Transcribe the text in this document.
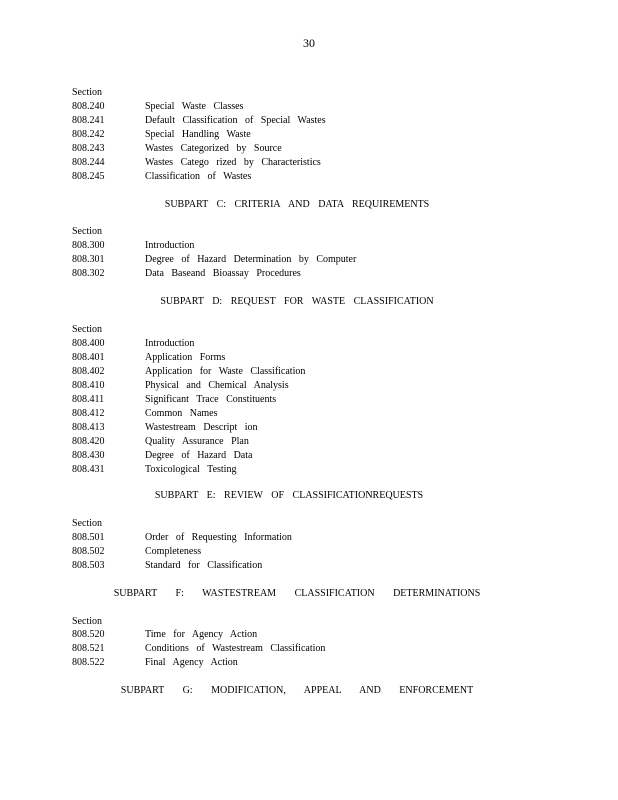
30
Section
808.240	Special Waste Classes
808.241	Default Classification of Special Wastes
808.242	Special Handling Waste
808.243	Wastes Categorized by Source
808.244	Wastes Catego rized by Characteristics
808.245	Classification of Wastes
SUBPART C: CRITERIA AND DATA REQUIREMENTS
Section
808.300	Introduction
808.301	Degree of Hazard Determination by Computer
808.302	Data Baseand Bioassay Procedures
SUBPART D: REQUEST FOR WASTE CLASSIFICATION
Section
808.400	Introduction
808.401	Application Forms
808.402	Application for Waste Classification
808.410	Physical and Chemical Analysis
808.411	Significant Trace Constituents
808.412	Common Names
808.413	Wastestream Descript ion
808.420	Quality Assurance Plan
808.430	Degree of Hazard Data
808.431	Toxicological Testing
SUBPART E: REVIEW OF CLASSIFICATIONREQUESTS
Section
808.501	Order of Requesting Information
808.502	Completeness
808.503	Standard for Classification
SUBPART F: WASTESTREAM CLASSIFICATION DETERMINATIONS
Section
808.520	Time for Agency Action
808.521	Conditions of Wastestream Classification
808.522	Final Agency Action
SUBPART G: MODIFICATION, APPEAL AND ENFORCEMENT
